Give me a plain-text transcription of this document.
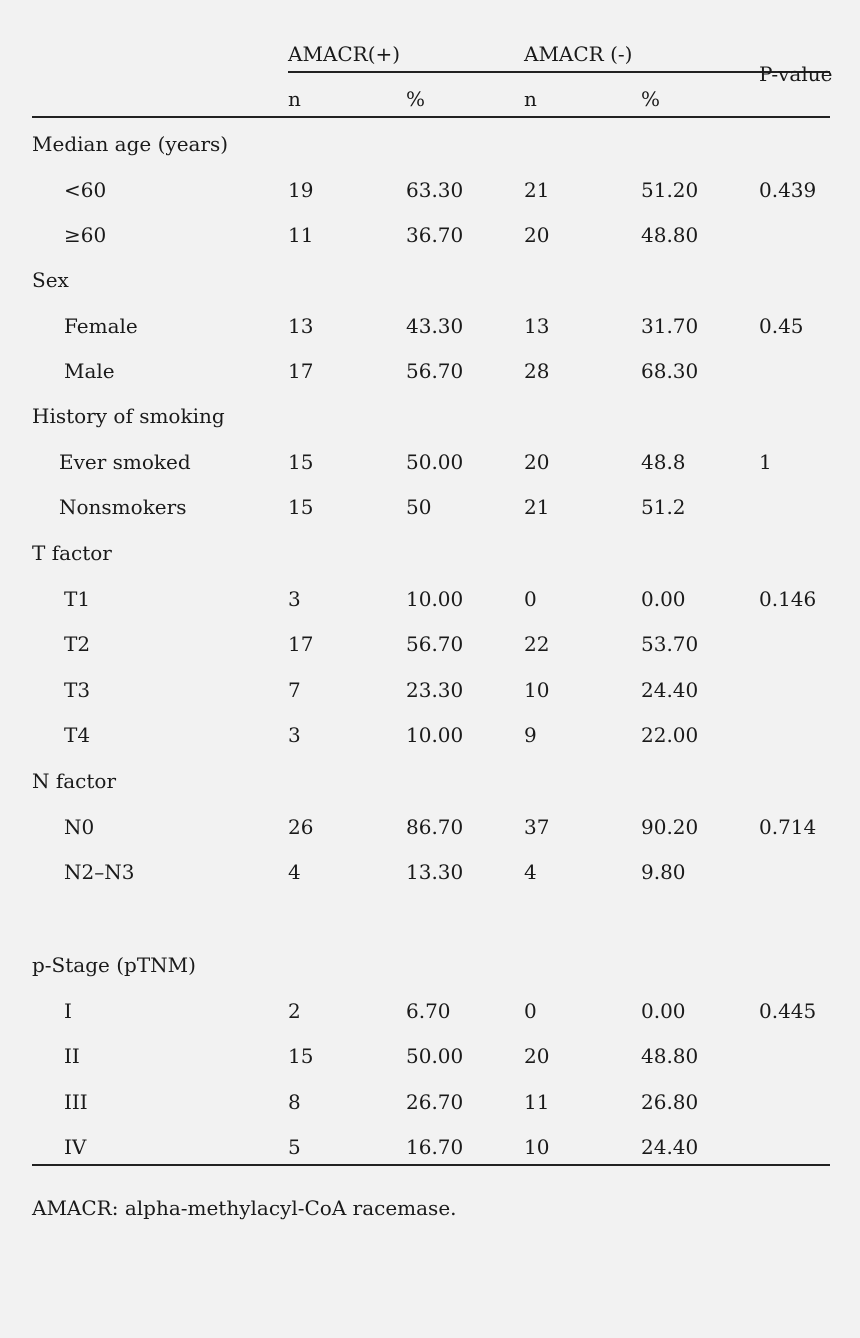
AMACR(+)	AMACR (-)
P-value
n	%	n	%
Median age (years)
<60	19	63.30	21	51.20	0.439
≥60	11	36.70	20	48.80
Sex
Female	13	43.30	13	31.70	0.45
Male	17	56.70	28	68.30
History of smoking
Ever smoked	15	50.00	20	48.8	1
Nonsmokers	15	50	21	51.2
T factor
T1	3	10.00	0	0.00	0.146
T2	17	56.70	22	53.70
T3	7	23.30	10	24.40
T4	3	10.00	9	22.00
N factor
N0	26	86.70	37	90.20	0.714
N2–N3	4	13.30	4	9.80
p-Stage (pTNM)
I	2	6.70	0	0.00	0.445
II	15	50.00	20	48.80
III	8	26.70	11	26.80
IV	5	16.70	10	24.40
AMACR: alpha-methylacyl-CoA racemase.
